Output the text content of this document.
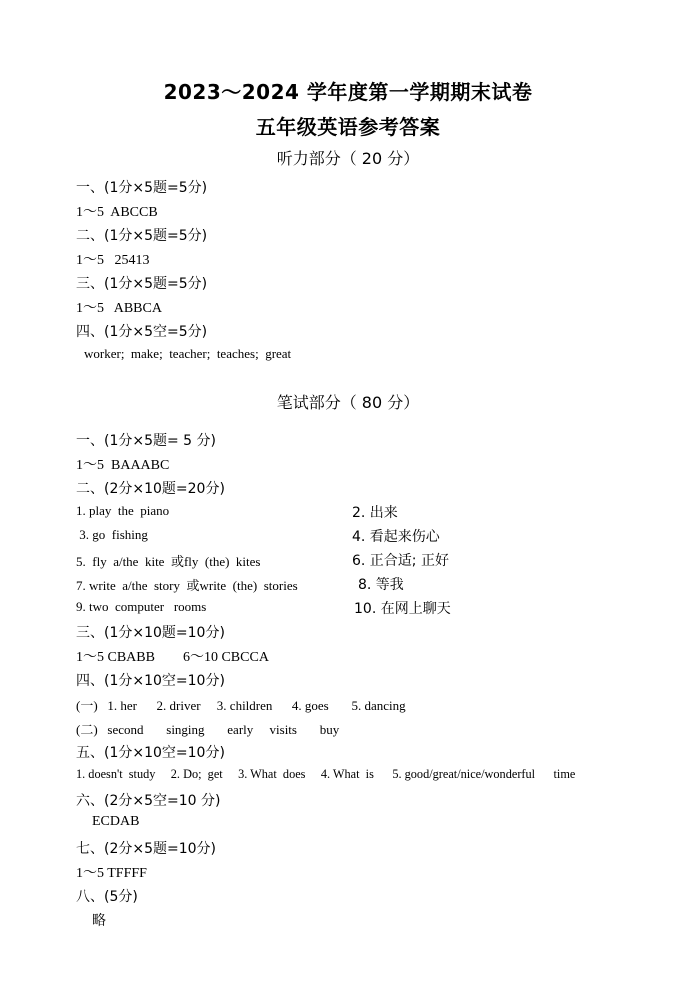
2023～2024 学年度第一学期期末试卷
五年级英语参考答案
听力部分（ 20 分）
一、(1分×5题=5分)
1～5  ABCCB
二、(1分×5题=5分)
1～5   25413
三、(1分×5题=5分)
1～5   ABBCA
四、(1分×5空=5分)
worker;  make;  teacher;  teaches;  great
笔试部分（ 80 分）
一、(1分×5题= 5 分)
1～5  BAAABC
二、(2分×10题=20分)
1. play  the  piano	2. 出来
3. go  fishing	4. 看起来伤心
5.  fly  a/the  kite  或fly  (the)  kites	6. 正合适; 正好
7. write  a/the  story  或write  (the)  stories	8. 等我
9. two  computer   rooms	10. 在网上聊天
三、(1分×10题=10分)
1～5 CBABB        6～10 CBCCA
四、(1分×10空=10分)
(一)   1. her      2. driver     3. children      4. goes       5. dancing
(二)   second       singing       early     visits       buy
五、(1分×10空=10分)
1. doesn't  study     2. Do;  get     3. What  does     4. What  is      5. good/great/nice/wonderful      time
六、(2分×5空=10 分)
ECDAB
七、(2分×5题=10分)
1～5 TFFFF
八、(5分)
略
